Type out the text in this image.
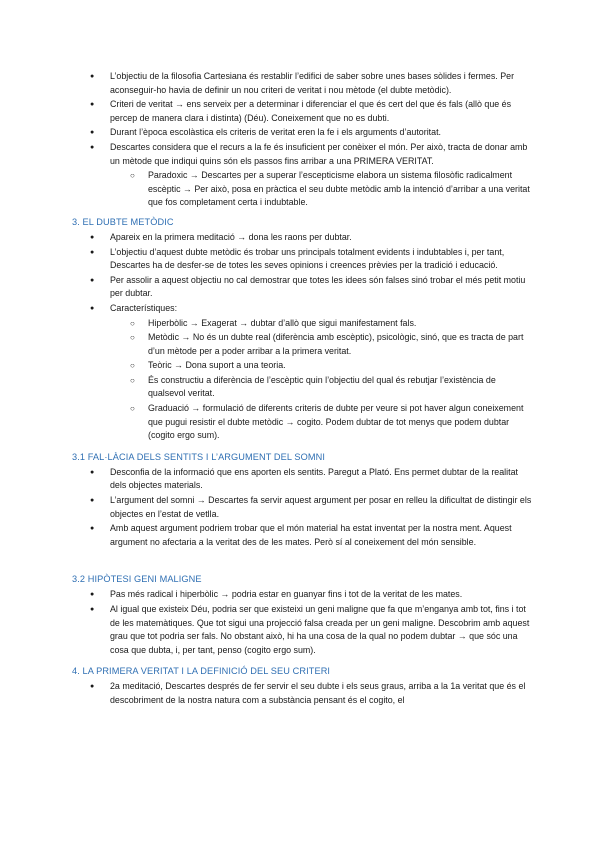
● L’objectiu de la filosofia Cartesiana és restablir l’edifici de saber sobre unes bases sòlides i fermes. Per aconseguir-ho havia de definir un nou criteri de veritat i nou mètode (el dubte metòdic).
● Criteri de veritat → ens serveix per a determinar i diferenciar el que és cert del que és fals (allò que és percep de manera clara i distinta) (Déu). Coneixement que no es dubti.
● Durant l’època escolàstica els criteris de veritat eren la fe i els arguments d’autoritat.
● Descartes considera que el recurs a la fe és insuficient per conèixer el món. Per això, tracta de donar amb un mètode que indiqui quins són els passos fins arribar a una PRIMERA VERITAT.
○ Paradoxic → Descartes per a superar l’escepticisme elabora un sistema filosòfic radicalment escèptic → Per això, posa en pràctica el seu dubte metòdic amb la intenció d’arribar a una veritat que fos completament certa i indubtable.
3. EL DUBTE METÒDIC
● Apareix en la primera meditació → dona les raons per dubtar.
● L’objectiu d’aquest dubte metòdic és trobar uns principals totalment evidents i indubtables i, per tant, Descartes ha de desfer-se de totes les seves opinions i creences prèvies per la tradició i educació.
● Per assolir a aquest objectiu no cal demostrar que totes les idees són falses sinó trobar el més petit motiu per dubtar.
● Característiques:
○ Hiperbòlic → Exagerat → dubtar d’allò que sigui manifestament fals.
○ Metòdic → No és un dubte real (diferència amb escèptic), psicològic, sinó, que es tracta de part d’un mètode per a poder arribar a la primera veritat.
○ Teòric → Dona suport a una teoria.
○ És constructiu a diferència de l’escèptic quin l’objectiu del qual és rebutjar l’existència de qualsevol veritat.
○ Graduació → formulació de diferents criteris de dubte per veure si pot haver algun coneixement que pugui resistir el dubte metòdic → cogito. Podem dubtar de tot menys que podem dubtar (cogito ergo sum).
3.1 FAL·LÀCIA DELS SENTITS I L’ARGUMENT DEL SOMNI
● Desconfia de la informació que ens aporten els sentits. Paregut a Plató. Ens permet dubtar de la realitat dels objectes materials.
● L’argument del somni → Descartes fa servir aquest argument per posar en relleu la dificultat de distingir els objectes en l’estat de vetlla.
● Amb aquest argument podriem trobar que el món material ha estat inventat per la nostra ment. Aquest argument no afectaria a la veritat des de les mates. Però sí al coneixement del món sensible.
3.2 HIPÒTESI GENI MALIGNE
● Pas més radical i hiperbòlic → podria estar en guanyar fins i tot de la veritat de les mates.
● Al igual que existeix Déu, podria ser que existeixi un geni maligne que fa que m’enganya amb tot, fins i tot de les matemàtiques. Que tot sigui una projecció falsa creada per un geni maligne. Descobrim amb aquest grau que tot podria ser fals. No obstant això, hi ha una cosa de la qual no podem dubtar → que sóc una cosa que dubta, i, per tant, penso (cogito ergo sum).
4. LA PRIMERA VERITAT I LA DEFINICIÓ DEL SEU CRITERI
● 2a meditació, Descartes després de fer servir el seu dubte i els seus graus, arriba a la 1a veritat que és el descobriment de la nostra natura com a substància pensant és el cogito, el
